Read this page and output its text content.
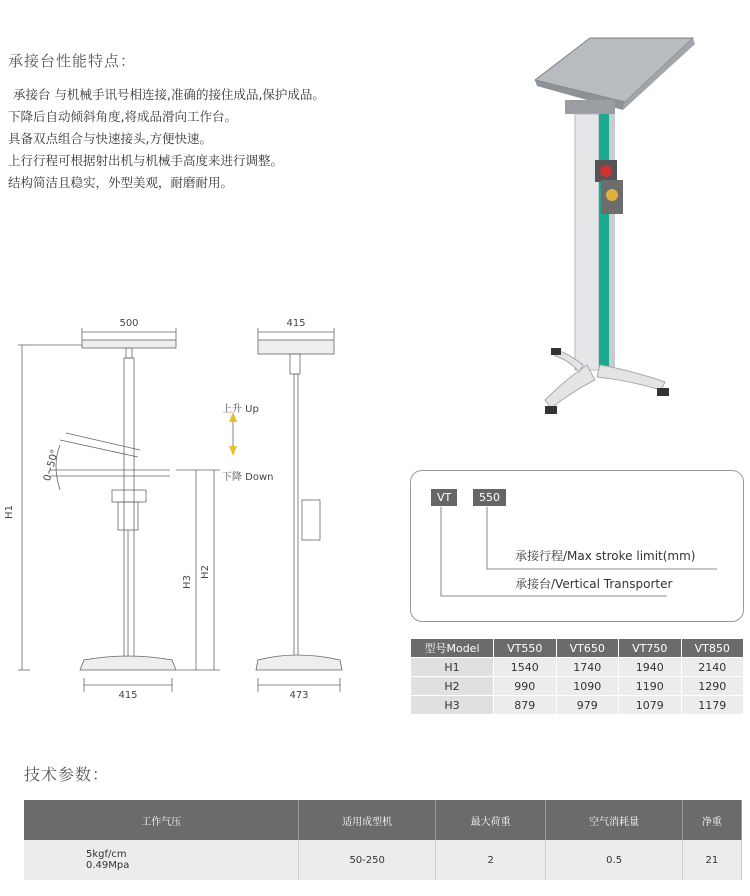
承接台性能特点：
承接台 与机械手讯号相连接,准确的接住成品,保护成品。
下降后自动倾斜角度,将成品滑向工作台。
具备双点组合与快速接头,方便快速。
上行行程可根据射出机与机械手高度来进行调整。
结构简洁且稳实，外型美观，耐磨耐用。
500	415
415	473
H1
H3
H2
0~50°
上升 Up
下降 Down
VT	550
承接行程/Max stroke limit(mm)
承接台/Vertical Transporter
型号Model	VT550	VT650	VT750	VT850
H1	1540	1740	1940	2140
H2	990	1090	1190	1290
H3	879	979	1079	1179
技术参数：
工作气压	适用成型机	最大荷重	空气消耗量	净重

5kgf/cm
0.49Mpa	50-250	2	0.5	21
